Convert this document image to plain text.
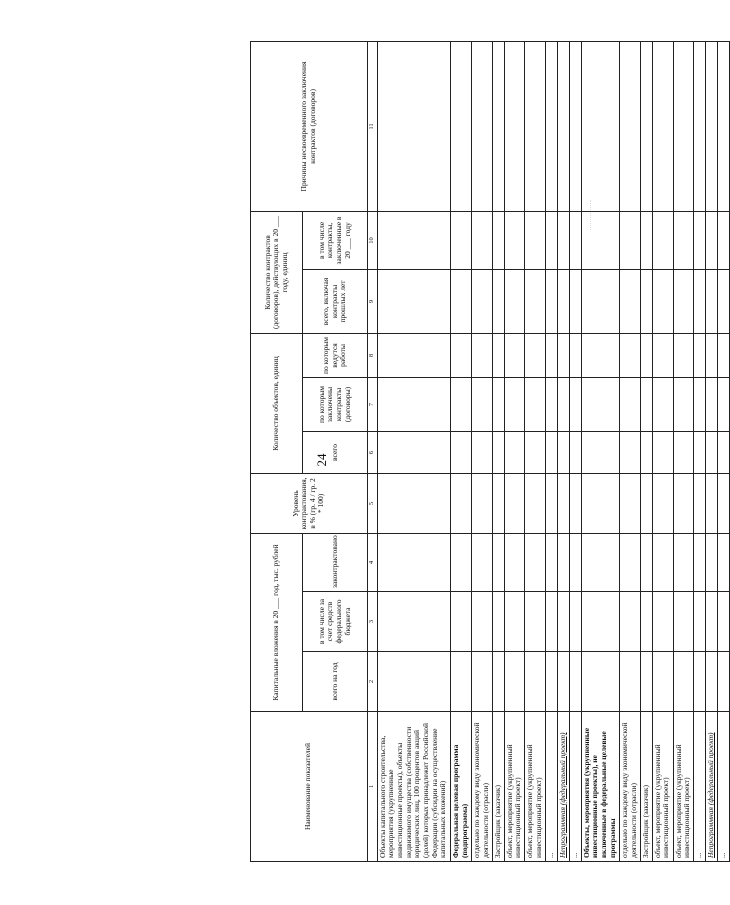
24
Наименование показателей	Капитальные вложения в 20 ___ год, тыс. рублей			Уровень контрактования, в % (гр. 4 / гр. 2 * 100)	Количество объектов, единиц			Количество контрактов (договоров), действующих в 20 ___ году, единиц		Причины несвоевременного заключения контрактов (договоров)
	всего на год	в том числе за счет средств федерального бюджета	законтрактовано		всего	по которым заключены контракты (договоры)	по которым ведутся работы	всего, включая контракты прошлых лет	в том числе контракты, заключенные в 20 ___ году	
1	2	3	4	5	6	7	8	9	10	11
Объекты капитального строительства, мероприятия (укрупненные инвестиционные проекты), объекты недвижимого имущества (собственности юридических лиц, 100 процентов акций (долей) которых принадлежит Российской Федерации (субсидии на осуществление капитальных вложений)										
Федеральная целевая программа (подпрограмма)										
отдельно по каждому виду экономической деятельности (отрасли)										
Застройщик (заказчик)										
объект, мероприятие (укрупненный инвестиционный проект)										
объект, мероприятие (укрупненный инвестиционный проект)										
...										
Непрограммная (федеральный проект)										
...										
Объекты, мероприятия (укрупненные инвестиционные проекты), не включенные в федеральные целевые программы										
отдельно по каждому виду экономической деятельности (отрасли)										
Застройщик (заказчик)										
объект, мероприятие (укрупненный инвестиционный проект)										
объект, мероприятие (укрупненный инвестиционный проект)										
...										
Непрограммная (федеральный проект)										
...										
